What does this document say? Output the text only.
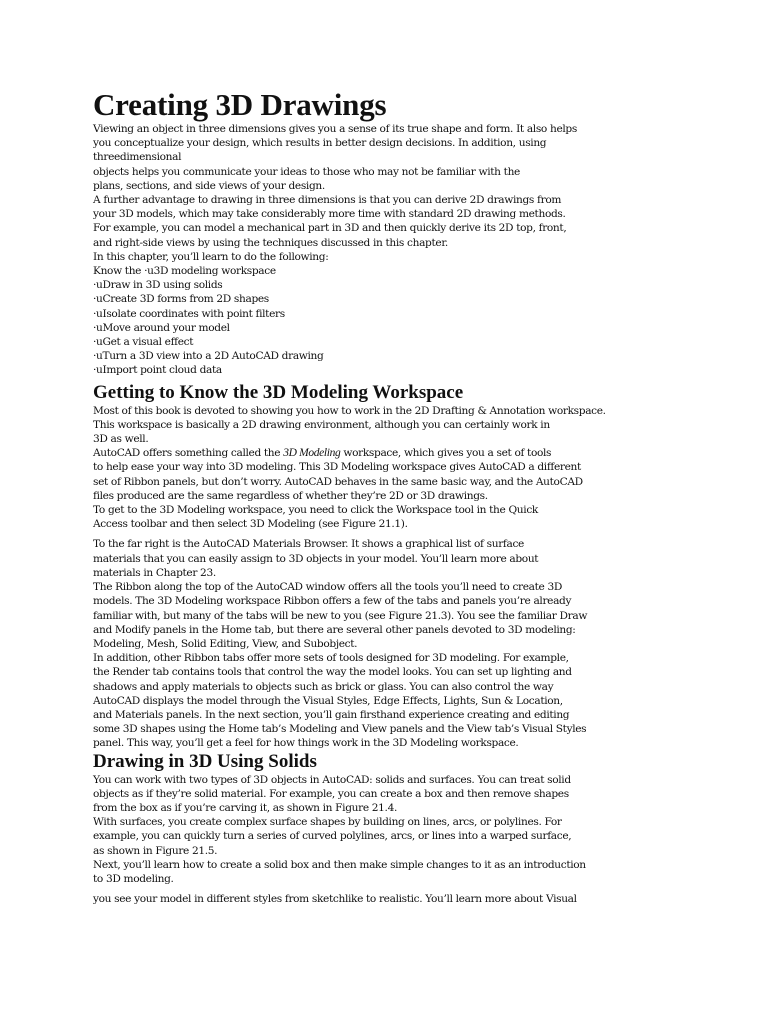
Creating 3D Drawings
Viewing an object in three dimensions gives you a sense of its true shape and form. It also helps
you conceptualize your design, which results in better design decisions. In addition, using
threedimensional
objects helps you communicate your ideas to those who may not be familiar with the
plans, sections, and side views of your design.
A further advantage to drawing in three dimensions is that you can derive 2D drawings from
your 3D models, which may take considerably more time with standard 2D drawing methods.
For example, you can model a mechanical part in 3D and then quickly derive its 2D top, front,
and right-side views by using the techniques discussed in this chapter.
In this chapter, you’ll learn to do the following:
Know the ·u3D modeling workspace
·uDraw in 3D using solids
·uCreate 3D forms from 2D shapes
·uIsolate coordinates with point filters
·uMove around your model
·uGet a visual effect
·uTurn a 3D view into a 2D AutoCAD drawing
·uImport point cloud data
Getting to Know the 3D Modeling Workspace
Most of this book is devoted to showing you how to work in the 2D Drafting & Annotation workspace.
This workspace is basically a 2D drawing environment, although you can certainly work in
3D as well.
AutoCAD offers something called the 3D Modeling workspace, which gives you a set of tools
to help ease your way into 3D modeling. This 3D Modeling workspace gives AutoCAD a different
set of Ribbon panels, but don’t worry. AutoCAD behaves in the same basic way, and the AutoCAD
files produced are the same regardless of whether they’re 2D or 3D drawings.
To get to the 3D Modeling workspace, you need to click the Workspace tool in the Quick
Access toolbar and then select 3D Modeling (see Figure 21.1).
To the far right is the AutoCAD Materials Browser. It shows a graphical list of surface
materials that you can easily assign to 3D objects in your model. You’ll learn more about
materials in Chapter 23.
The Ribbon along the top of the AutoCAD window offers all the tools you’ll need to create 3D
models. The 3D Modeling workspace Ribbon offers a few of the tabs and panels you’re already
familiar with, but many of the tabs will be new to you (see Figure 21.3). You see the familiar Draw
and Modify panels in the Home tab, but there are several other panels devoted to 3D modeling:
Modeling, Mesh, Solid Editing, View, and Subobject.
In addition, other Ribbon tabs offer more sets of tools designed for 3D modeling. For example,
the Render tab contains tools that control the way the model looks. You can set up lighting and
shadows and apply materials to objects such as brick or glass. You can also control the way
AutoCAD displays the model through the Visual Styles, Edge Effects, Lights, Sun & Location,
and Materials panels. In the next section, you’ll gain firsthand experience creating and editing
some 3D shapes using the Home tab’s Modeling and View panels and the View tab’s Visual Styles
panel. This way, you’ll get a feel for how things work in the 3D Modeling workspace.
Drawing in 3D Using Solids
You can work with two types of 3D objects in AutoCAD: solids and surfaces. You can treat solid
objects as if they’re solid material. For example, you can create a box and then remove shapes
from the box as if you’re carving it, as shown in Figure 21.4.
With surfaces, you create complex surface shapes by building on lines, arcs, or polylines. For
example, you can quickly turn a series of curved polylines, arcs, or lines into a warped surface,
as shown in Figure 21.5.
Next, you’ll learn how to create a solid box and then make simple changes to it as an introduction
to 3D modeling.
you see your model in different styles from sketchlike to realistic. You’ll learn more about Visual
